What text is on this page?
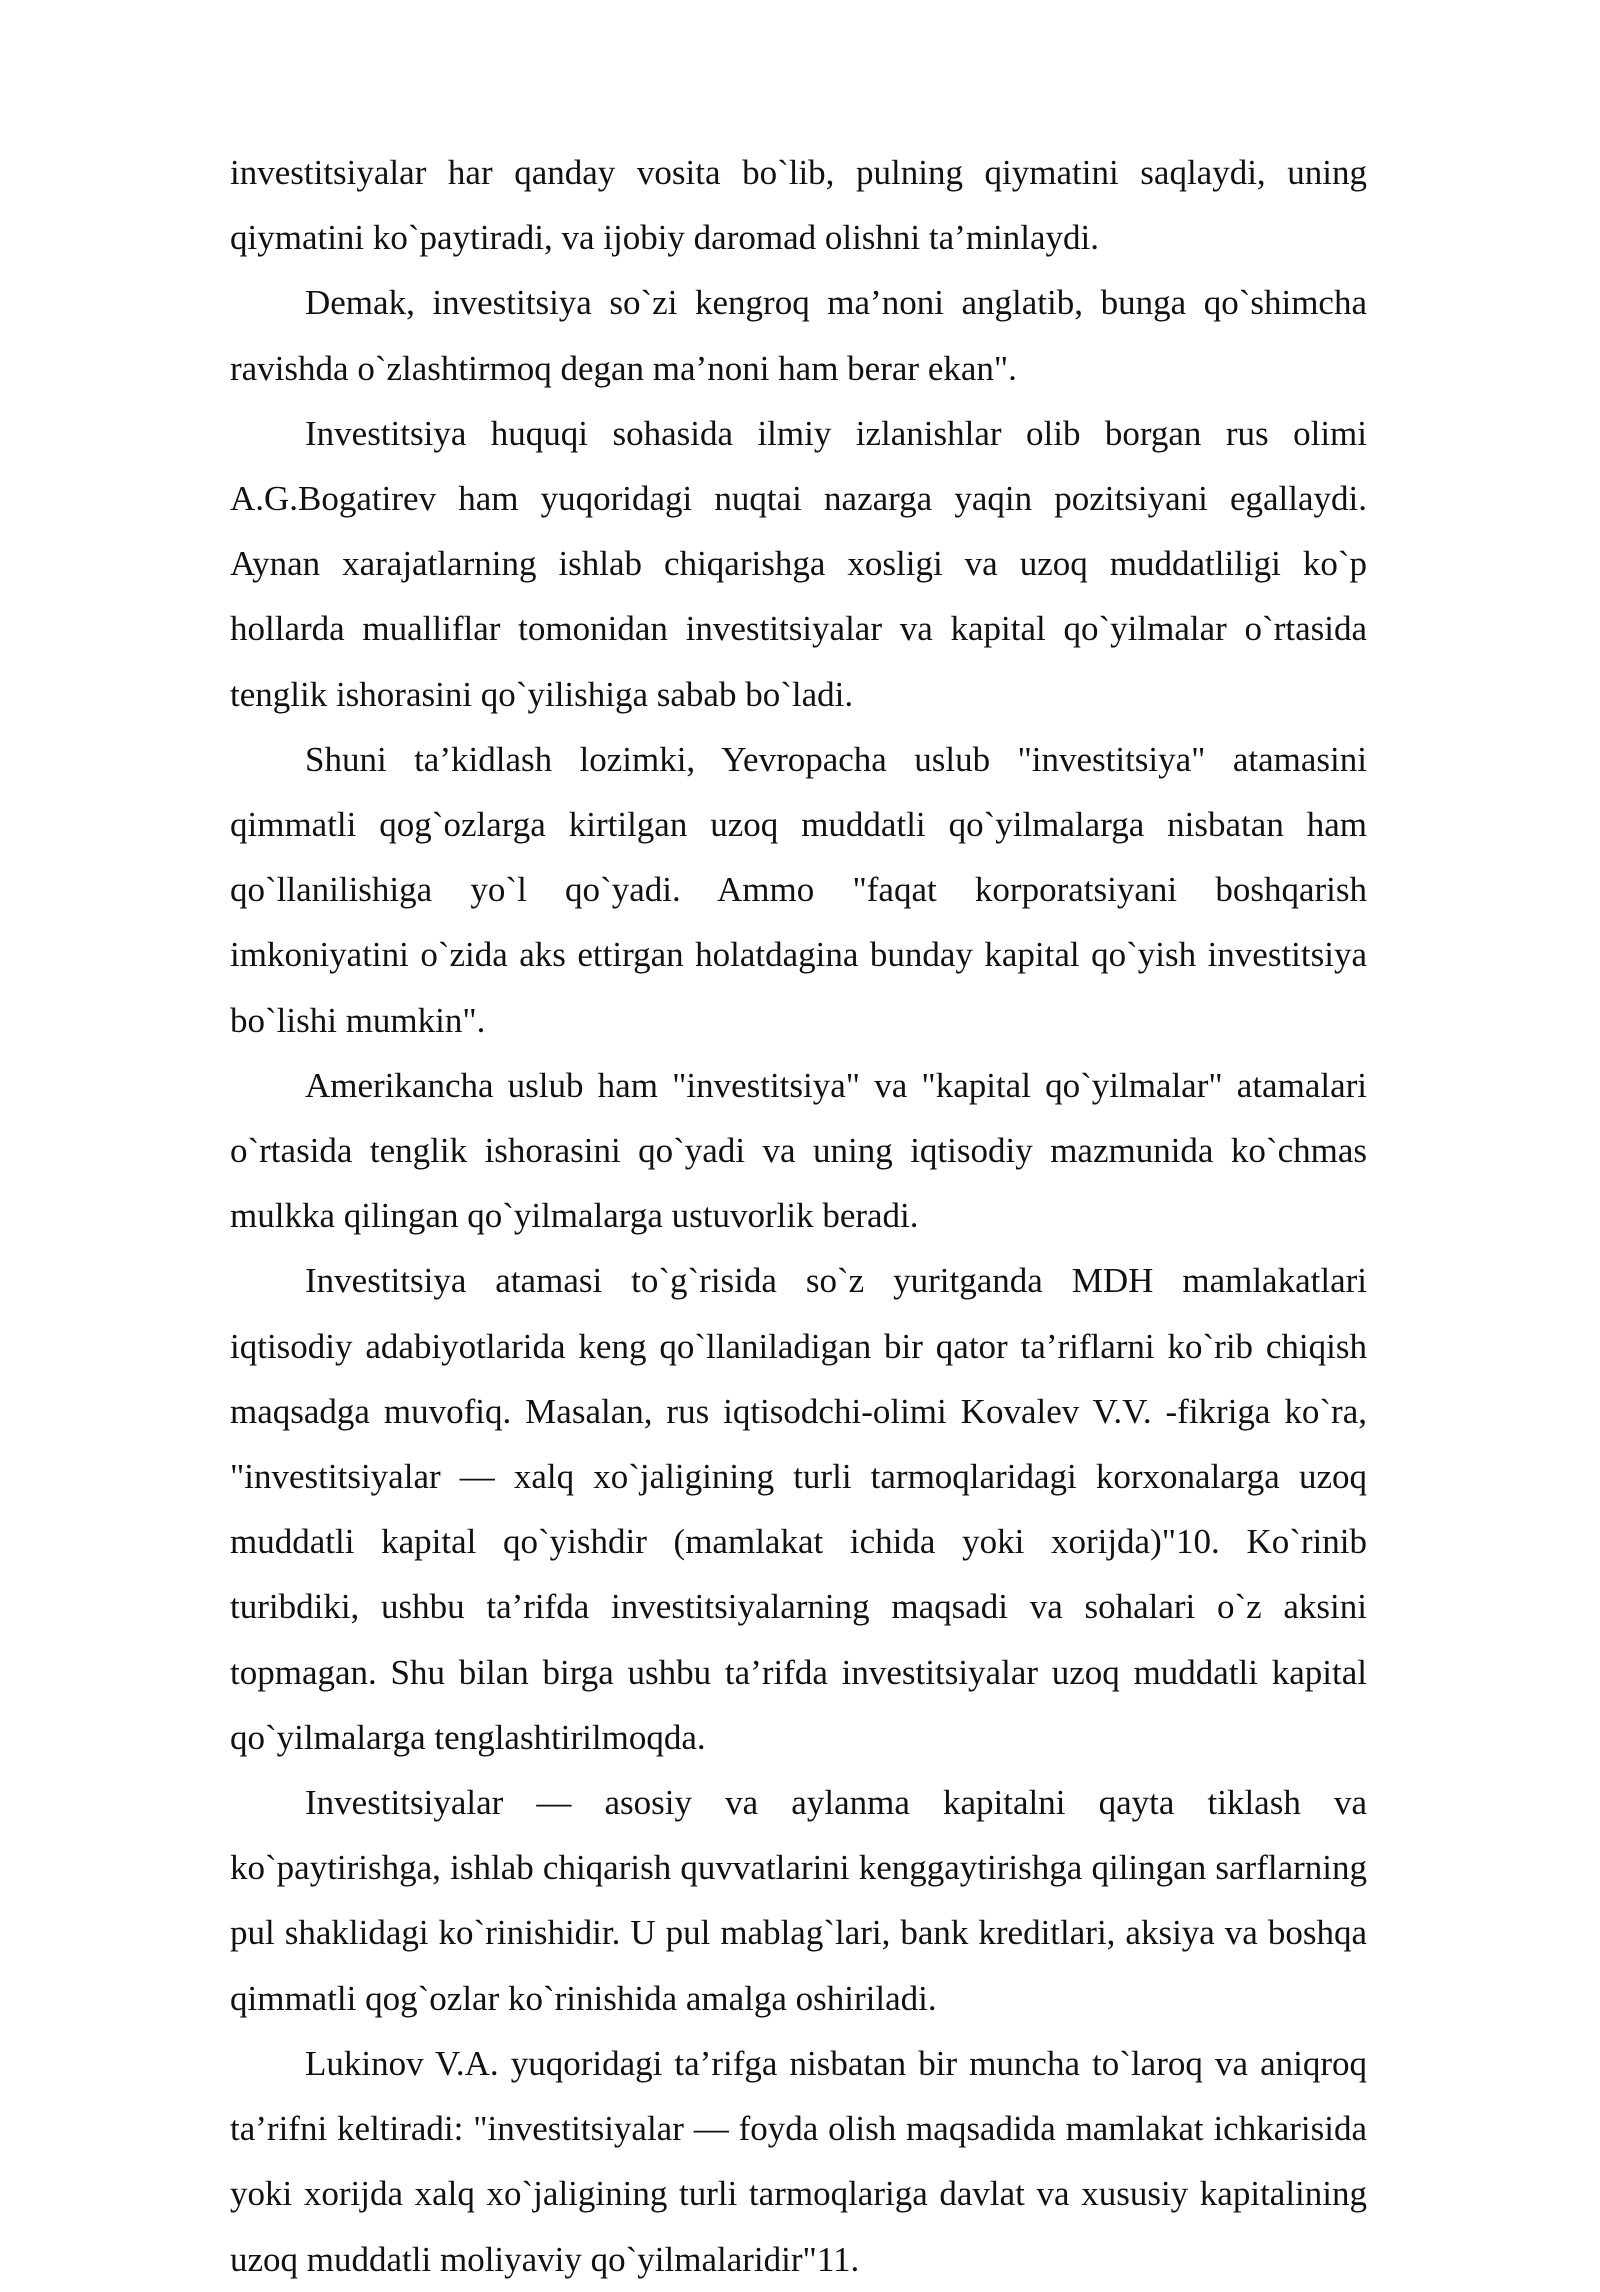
investitsiyalar har qanday vosita bo`lib, pulning qiymatini saqlaydi, uning qiymatini ko`paytiradi, va ijobiy daromad olishni ta’minlaydi.

Demak, investitsiya so`zi kengroq ma’noni anglatib, bunga qo`shimcha ravishda o`zlashtirmoq degan ma’noni ham berar ekan".

Investitsiya huquqi sohasida ilmiy izlanishlar olib borgan rus olimi A.G.Bogatirev ham yuqoridagi nuqtai nazarga yaqin pozitsiyani egallaydi. Aynan xarajatlarning ishlab chiqarishga xosligi va uzoq muddatliligi ko`p hollarda mualliflar tomonidan investitsiyalar va kapital qo`yilmalar o`rtasida tenglik ishorasini qo`yilishiga sabab bo`ladi.

Shuni ta’kidlash lozimki, Yevropacha uslub "investitsiya" atamasini qimmatli qog`ozlarga kirtilgan uzoq muddatli qo`yilmalarga nisbatan ham qo`llanilishiga yo`l qo`yadi. Ammo "faqat korporatsiyani boshqarish imkoniyatini o`zida aks ettirgan holatdagina bunday kapital qo`yish investitsiya bo`lishi mumkin".

Amerikancha uslub ham "investitsiya" va "kapital qo`yilmalar" atamalari o`rtasida tenglik ishorasini qo`yadi va uning iqtisodiy mazmunida ko`chmas mulkka qilingan qo`yilmalarga ustuvorlik beradi.

Investitsiya atamasi to`g`risida so`z yuritganda MDH mamlakatlari iqtisodiy adabiyotlarida keng qo`llaniladigan bir qator ta’riflarni ko`rib chiqish maqsadga muvofiq. Masalan, rus iqtisodchi-olimi Kovalev V.V. -fikriga ko`ra, "investitsiyalar — xalq xo`jaligining turli tarmoqlaridagi korxonalarga uzoq muddatli kapital qo`yishdir (mamlakat ichida yoki xorijda)"10. Ko`rinib turibdiki, ushbu ta’rifda investitsiyalarning maqsadi va sohalari o`z aksini topmagan. Shu bilan birga ushbu ta’rifda investitsiyalar uzoq muddatli kapital qo`yilmalarga tenglashtirilmoqda.

Investitsiyalar — asosiy va aylanma kapitalni qayta tiklash va ko`paytirishga, ishlab chiqarish quvvatlarini kenggaytirishga qilingan sarflarning pul shaklidagi ko`rinishidir. U pul mablag`lari, bank kreditlari, aksiya va boshqa qimmatli qog`ozlar ko`rinishida amalga oshiriladi.

Lukinov V.A. yuqoridagi ta’rifga nisbatan bir muncha to`laroq va aniqroq ta’rifni keltiradi: "investitsiyalar — foyda olish maqsadida mamlakat ichkarisida yoki xorijda xalq xo`jaligining turli tarmoqlariga davlat va xususiy kapitalining uzoq muddatli moliyaviy qo`yilmalaridir"11.
